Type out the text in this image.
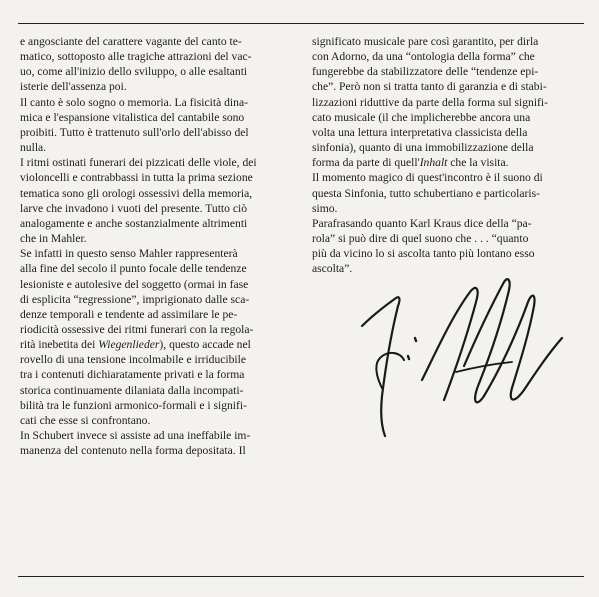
e angosciante del carattere vagante del canto te-
matico, sottoposto alle tragiche attrazioni del vac-
uo, come all'inizio dello sviluppo, o alle esaltanti
isterie dell'assenza poi.
Il canto è solo sogno o memoria. La fisicità dina-
mica e l'espansione vitalistica del cantabile sono
proibiti. Tutto è trattenuto sull'orlo dell'abisso del
nulla.
I ritmi ostinati funerari dei pizzicati delle viole, dei
violoncelli e contrabbassi in tutta la prima sezione
tematica sono gli orologi ossessivi della memoria,
larve che invadono i vuoti del presente. Tutto ciò
analogamente e anche sostanzialmente altrimenti
che in Mahler.
Se infatti in questo senso Mahler rappresenterà
alla fine del secolo il punto focale delle tendenze
lesioniste e autolesive del soggetto (ormai in fase
di esplicita “regressione”, imprigionato dalle sca-
denze temporali e tendente ad assimilare le pe-
riodicità ossessive dei ritmi funerari con la regola-
rità inebetita dei Wiegenlieder), questo accade nel
rovello di una tensione incolmabile e irriducibile
tra i contenuti dichiaratamente privati e la forma
storica continuamente dilaniata dalla incompati-
bilità tra le funzioni armonico-formali e i signifi-
cati che esse si confrontano.
In Schubert invece si assiste ad una ineffabile im-
manenza del contenuto nella forma depositata. Il
significato musicale pare così garantito, per dirla
con Adorno, da una “ontologia della forma” che
fungerebbe da stabilizzatore delle “tendenze epi-
che”. Però non si tratta tanto di garanzia e di stabi-
lizzazioni riduttive da parte della forma sul signifi-
cato musicale (il che implicherebbe ancora una
volta una lettura interpretativa classicista della
sinfonia), quanto di una immobilizzazione della
forma da parte di quell'Inhalt che la visita.
Il momento magico di quest'incontro è il suono di
questa Sinfonia, tutto schubertiano e particolaris-
simo.
Parafrasando quanto Karl Kraus dice della “pa-
rola” si può dire di quel suono che . . . “quanto
più da vicino lo si ascolta tanto più lontano esso
ascolta”.
